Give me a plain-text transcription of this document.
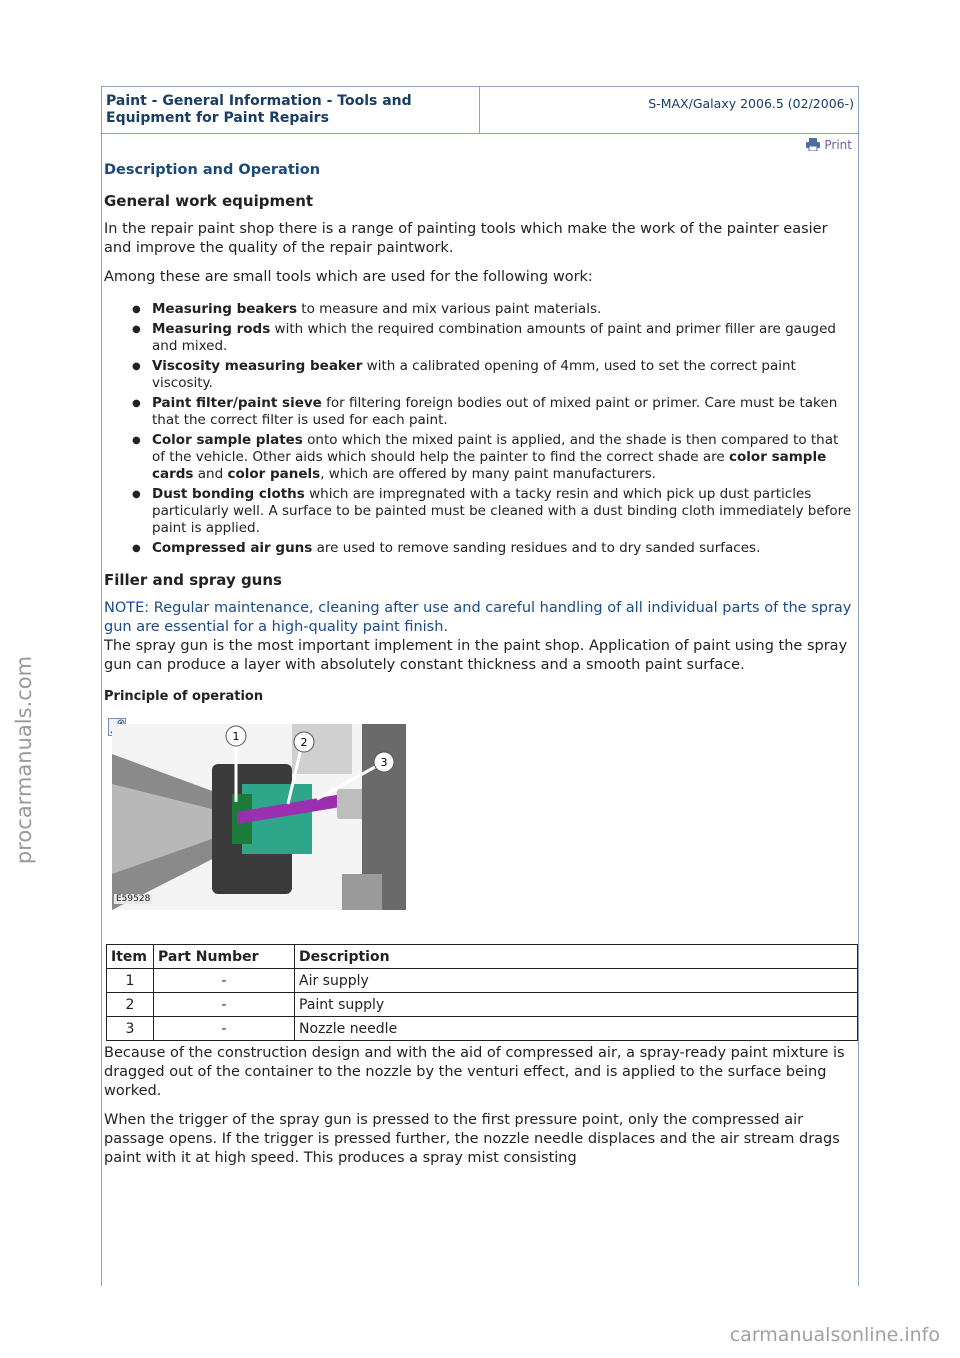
procarmanuals.com
Paint - General Information - Tools and Equipment for Paint Repairs
S-MAX/Galaxy 2006.5 (02/2006-)
Print
Description and Operation
General work equipment

In the repair paint shop there is a range of painting tools which make the work of the painter easier and improve the quality of the repair paintwork.

Among these are small tools which are used for the following work:

● Measuring beakers to measure and mix various paint materials.
● Measuring rods with which the required combination amounts of paint and primer filler are gauged and mixed.
● Viscosity measuring beaker with a calibrated opening of 4mm, used to set the correct paint viscosity.
● Paint filter/paint sieve for filtering foreign bodies out of mixed paint or primer. Care must be taken that the correct filter is used for each paint.
● Color sample plates onto which the mixed paint is applied, and the shade is then compared to that of the vehicle. Other aids which should help the painter to find the correct shade are color sample cards and color panels, which are offered by many paint manufacturers.
● Dust bonding cloths which are impregnated with a tacky resin and which pick up dust particles particularly well. A surface to be painted must be cleaned with a dust binding cloth immediately before paint is applied.
● Compressed air guns are used to remove sanding residues and to dry sanded surfaces.
Filler and spray guns
NOTE: Regular maintenance, cleaning after use and careful handling of all individual parts of the spray gun are essential for a high-quality paint finish.

The spray gun is the most important implement in the paint shop. Application of paint using the spray gun can produce a layer with absolutely constant thickness and a smooth paint surface.

Principle of operation
1	2
3
E59528
Item	Part Number	Description
1	-	Air supply
2	-	Paint supply
3	-	Nozzle needle

Because of the construction design and with the aid of compressed air, a spray-ready paint mixture is dragged out of the container to the nozzle by the venturi effect, and is applied to the surface being worked.

When the trigger of the spray gun is pressed to the first pressure point, only the compressed air passage opens. If the trigger is pressed further, the nozzle needle displaces and the air stream drags paint with it at high speed. This produces a spray mist consisting

carmanualsonline.info
